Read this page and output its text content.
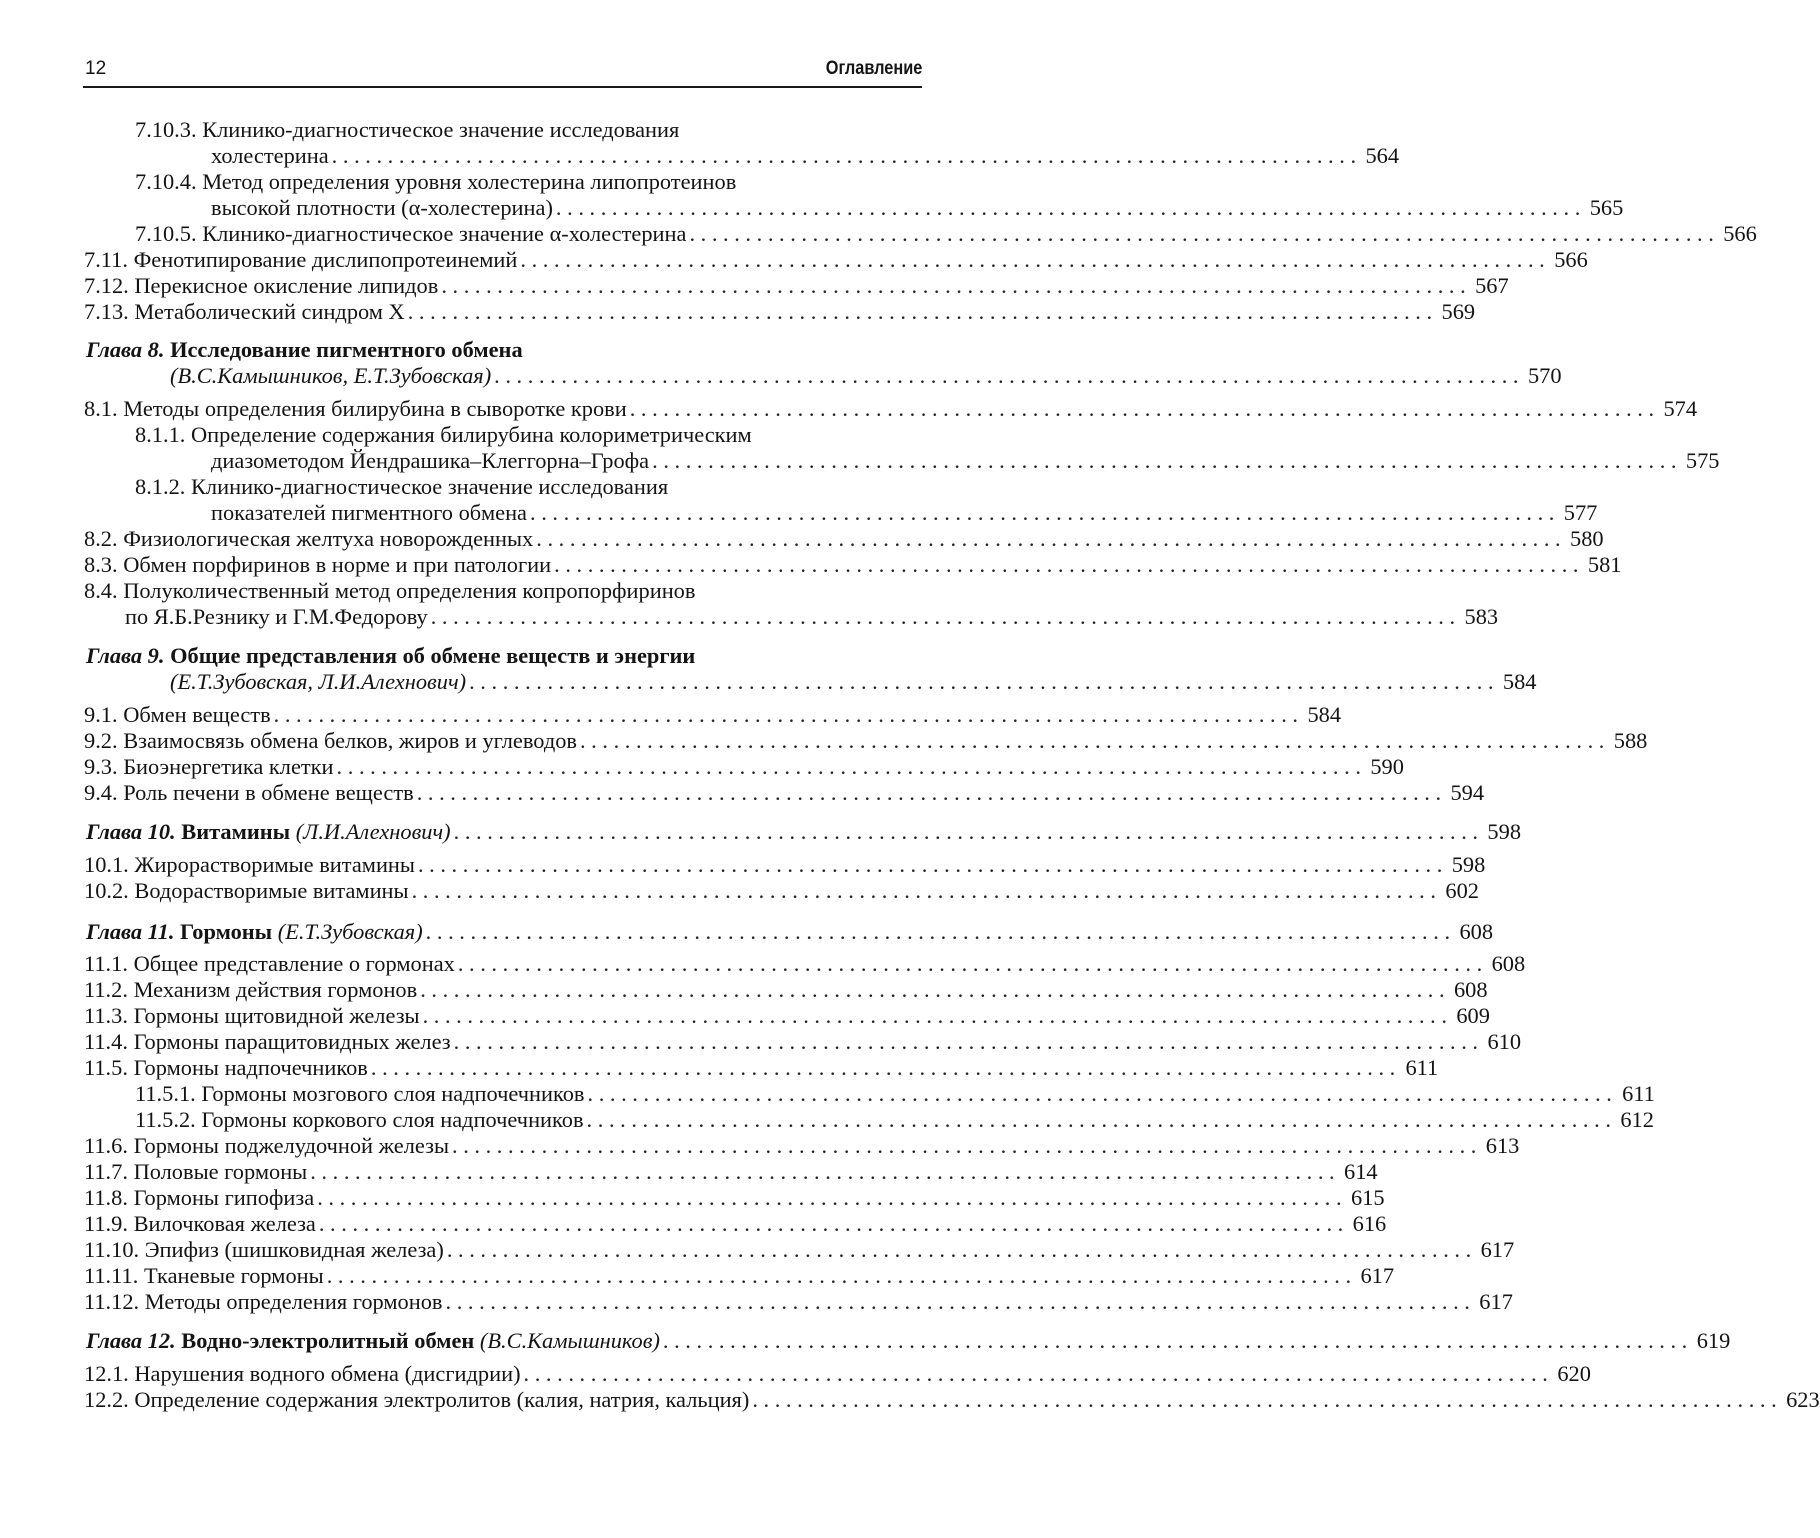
12	Оглавление
7.10.3. Клинико-диагностическое значение исследования
холестерина . . .	564
7.10.4. Метод определения уровня холестерина липопротеинов
высокой плотности (α-холестерина) . . .	565
7.10.5. Клинико-диагностическое значение α-холестерина . . .	566
7.11. Фенотипирование дислипопротеинемий . . .	566
7.12. Перекисное окисление липидов . . .	567
7.13. Метаболический синдром Х . . .	569
Глава 8. Исследование пигментного обмена
(В.С.Камышников, Е.Т.Зубовская) . . .	570
8.1. Методы определения билирубина в сыворотке крови . . .	574
8.1.1. Определение содержания билирубина колориметрическим
диазометодом Йендрашика–Клеггорна–Грофа . . .	575
8.1.2. Клинико-диагностическое значение исследования
показателей пигментного обмена . . .	577
8.2. Физиологическая желтуха новорожденных . . .	580
8.3. Обмен порфиринов в норме и при патологии . . .	581
8.4. Полуколичественный метод определения копропорфиринов
по Я.Б.Резнику и Г.М.Федорову . . .	583
Глава 9. Общие представления об обмене веществ и энергии
(Е.Т.Зубовская, Л.И.Алехнович) . . .	584
9.1. Обмен веществ . . .	584
9.2. Взаимосвязь обмена белков, жиров и углеводов . . .	588
9.3. Биоэнергетика клетки . . .	590
9.4. Роль печени в обмене веществ . . .	594
Глава 10. Витамины (Л.И.Алехнович) . . .	598
10.1. Жирорастворимые витамины . . .	598
10.2. Водорастворимые витамины . . .	602
Глава 11. Гормоны (Е.Т.Зубовская) . . .	608
11.1. Общее представление о гормонах . . .	608
11.2. Механизм действия гормонов . . .	608
11.3. Гормоны щитовидной железы . . .	609
11.4. Гормоны паращитовидных желез . . .	610
11.5. Гормоны надпочечников . . .	611
11.5.1. Гормоны мозгового слоя надпочечников . . .	611
11.5.2. Гормоны коркового слоя надпочечников . . .	612
11.6. Гормоны поджелудочной железы . . .	613
11.7. Половые гормоны . . .	614
11.8. Гормоны гипофиза . . .	615
11.9. Вилочковая железа . . .	616
11.10. Эпифиз (шишковидная железа) . . .	617
11.11. Тканевые гормоны . . .	617
11.12. Методы определения гормонов . . .	617
Глава 12. Водно-электролитный обмен (В.С.Камышников) . . .	619
12.1. Нарушения водного обмена (дисгидрии) . . .	620
12.2. Определение содержания электролитов (калия, натрия, кальция) . . .	623
